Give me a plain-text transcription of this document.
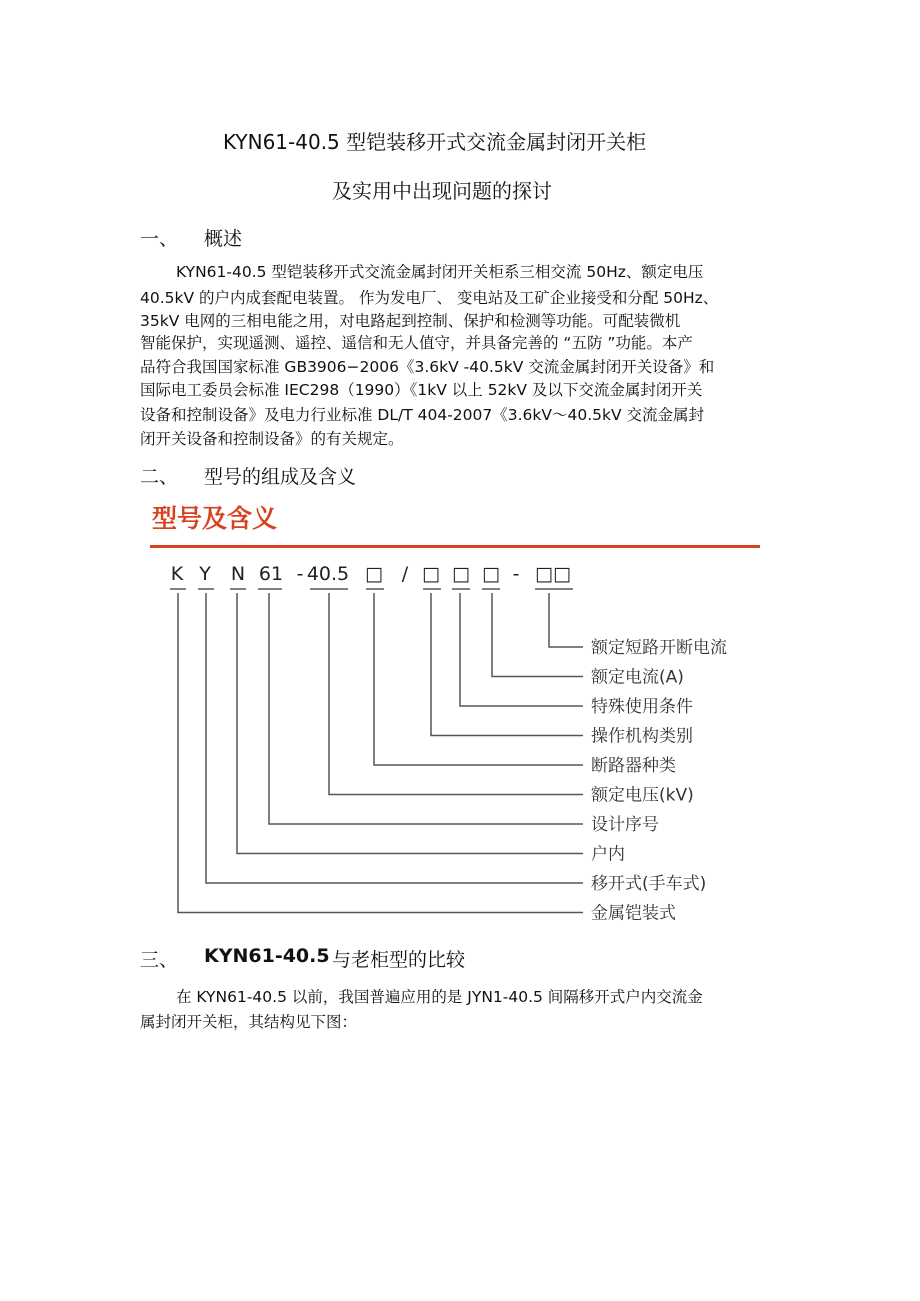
KYN61-40.5 型铠装移开式交流金属封闭开关柜
及实用中出现问题的探讨
一、 概述
KYN61-40.5 型铠装移开式交流金属封闭开关柜系三相交流 50Hz、额定电压
40.5kV 的户内成套配电装置。 作为发电厂、 变电站及工矿企业接受和分配 50Hz、
35kV 电网的三相电能之用，对电路起到控制、保护和检测等功能。可配装微机
智能保护，实现遥测、遥控、遥信和无人值守，并具备完善的 “五防 ”功能。本产
品符合我国国家标准 GB3906−2006《3.6kV -40.5kV 交流金属封闭开关设备》和
国际电工委员会标准 IEC298（1990）《1kV 以上 52kV 及以下交流金属封闭开关
设备和控制设备》及电力行业标准 DL/T 404-2007《3.6kV～40.5kV 交流金属封
闭开关设备和控制设备》的有关规定。
二、 型号的组成及含义
型号及含义
K Y N 61 - 40.5 □ / □ □ □ - □□
额定短路开断电流
额定电流(A)
特殊使用条件
操作机构类别
断路器种类
额定电压(kV)
设计序号
户内
移开式(手车式)
金属铠装式
三、 KYN61-40.5 与老柜型的比较
在 KYN61-40.5 以前，我国普遍应用的是 JYN1-40.5 间隔移开式户内交流金
属封闭开关柜，其结构见下图：
